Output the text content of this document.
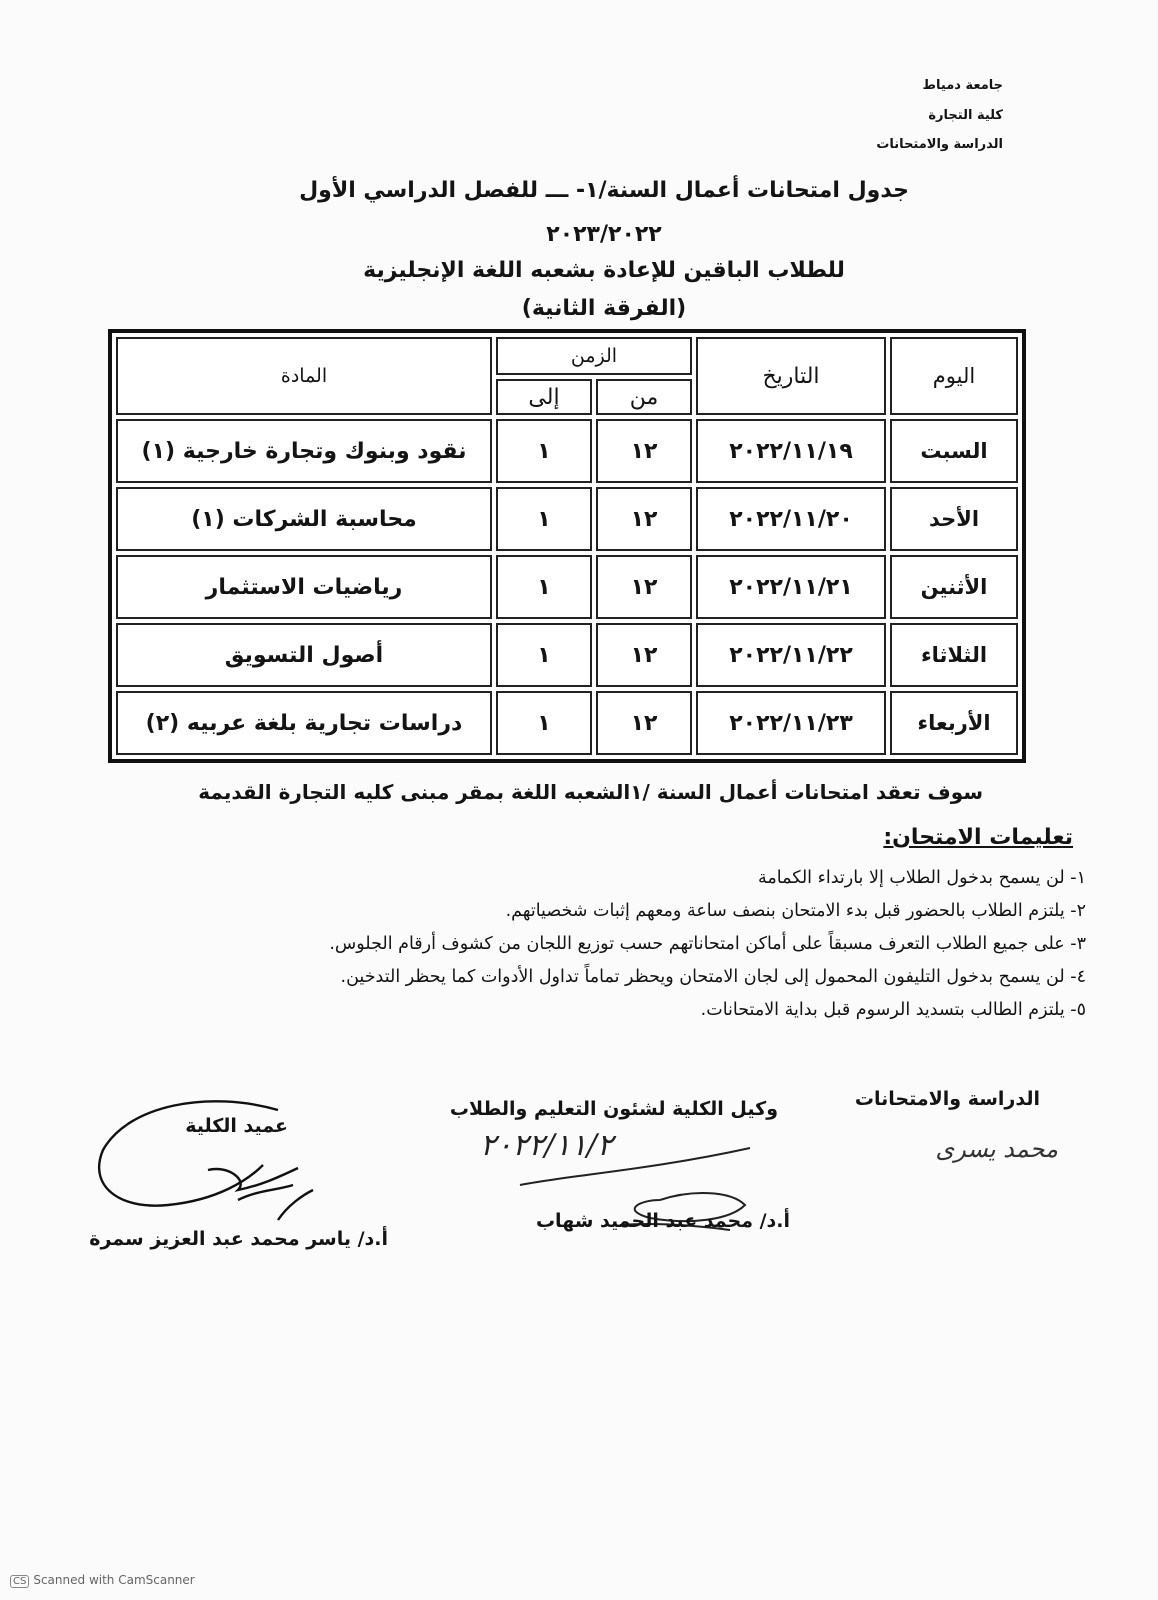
جامعة دمياط
كلية التجارة
الدراسة والامتحانات
جدول امتحانات أعمال السنة/١- ـــ للفصل الدراسي الأول
٢٠٢٣/٢٠٢٢
للطلاب الباقين للإعادة بشعبه اللغة الإنجليزية
(الفرقة الثانية)
اليوم	التاريخ	الزمن		المادة
		من	إلى	
السبت	٢٠٢٢/١١/١٩	١٢	١	نقود وبنوك وتجارة خارجية (١)
الأحد	٢٠٢٢/١١/٢٠	١٢	١	محاسبة الشركات (١)
الأثنين	٢٠٢٢/١١/٢١	١٢	١	رياضيات الاستثمار
الثلاثاء	٢٠٢٢/١١/٢٢	١٢	١	أصول التسويق
الأربعاء	٢٠٢٢/١١/٢٣	١٢	١	دراسات تجارية بلغة عربيه (٢)
سوف تعقد امتحانات أعمال السنة /١الشعبه اللغة بمقر مبنى كليه التجارة القديمة
تعليمات الامتحان:
١- لن يسمح بدخول الطلاب إلا بارتداء الكمامة
٢- يلتزم الطلاب بالحضور قبل بدء الامتحان بنصف ساعة ومعهم إثبات شخصياتهم.
٣- على جميع الطلاب التعرف مسبقاً على أماكن امتحاناتهم حسب توزيع اللجان من كشوف أرقام الجلوس.
٤- لن يسمح بدخول التليفون المحمول إلى لجان الامتحان ويحظر تماماً تداول الأدوات كما يحظر التدخين.
٥- يلتزم الطالب بتسديد الرسوم قبل بداية الامتحانات.
الدراسة والامتحانات
محمد يسرى
وكيل الكلية لشئون التعليم والطلاب
٢٠٢٢/١١/٢
أ.د/ محمد عبد الحميد شهاب
عميد الكلية
أ.د/ ياسر محمد عبد العزيز سمرة
CS Scanned with CamScanner
